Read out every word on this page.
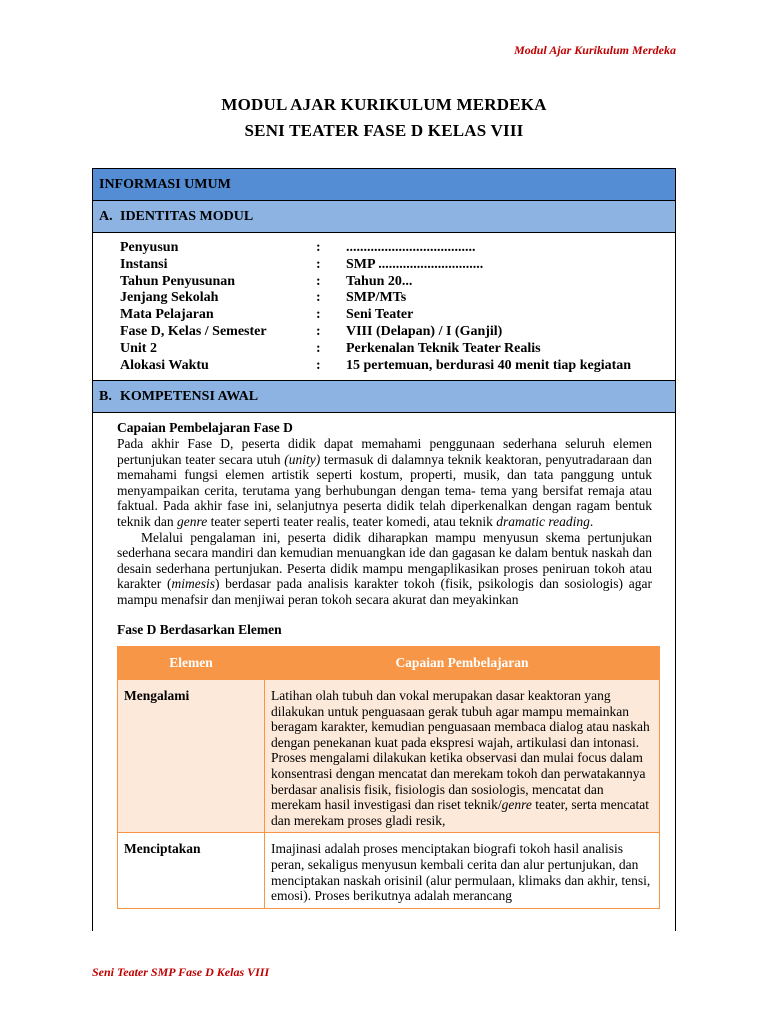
Modul Ajar Kurikulum Merdeka
MODUL AJAR KURIKULUM MERDEKA
SENI TEATER FASE D KELAS VIII
INFORMASI UMUM
A. IDENTITAS MODUL
Penyusun	:	.....................................
Instansi	:	SMP ..............................
Tahun Penyusunan	:	Tahun 20...
Jenjang Sekolah	:	SMP/MTs
Mata Pelajaran	:	Seni Teater
Fase D, Kelas / Semester	:	VIII (Delapan) / I (Ganjil)
Unit 2	:	Perkenalan Teknik Teater Realis
Alokasi Waktu	:	15 pertemuan, berdurasi 40 menit tiap kegiatan
B. KOMPETENSI AWAL
Capaian Pembelajaran Fase D
Pada akhir Fase D, peserta didik dapat memahami penggunaan sederhana seluruh elemen pertunjukan teater secara utuh (unity) termasuk di dalamnya teknik keaktoran, penyutradaraan dan memahami fungsi elemen artistik seperti kostum, properti, musik, dan tata panggung untuk menyampaikan cerita, terutama yang berhubungan dengan tema- tema yang bersifat remaja atau faktual. Pada akhir fase ini, selanjutnya peserta didik telah diperkenalkan dengan ragam bentuk teknik dan genre teater seperti teater realis, teater komedi, atau teknik dramatic reading.
Melalui pengalaman ini, peserta didik diharapkan mampu menyusun skema pertunjukan sederhana secara mandiri dan kemudian menuangkan ide dan gagasan ke dalam bentuk naskah dan desain sederhana pertunjukan. Peserta didik mampu mengaplikasikan proses peniruan tokoh atau karakter (mimesis) berdasar pada analisis karakter tokoh (fisik, psikologis dan sosiologis) agar mampu menafsir dan menjiwai peran tokoh secara akurat dan meyakinkan
Fase D Berdasarkan Elemen
Elemen	Capaian Pembelajaran
Mengalami	Latihan olah tubuh dan vokal merupakan dasar keaktoran yang dilakukan untuk penguasaan gerak tubuh agar mampu memainkan beragam karakter, kemudian penguasaan membaca dialog atau naskah dengan penekanan kuat pada ekspresi wajah, artikulasi dan intonasi. Proses mengalami dilakukan ketika observasi dan mulai focus dalam konsentrasi dengan mencatat dan merekam tokoh dan perwatakannya berdasar analisis fisik, fisiologis dan sosiologis, mencatat dan merekam hasil investigasi dan riset teknik/genre teater, serta mencatat dan merekam proses gladi resik,
Menciptakan	Imajinasi adalah proses menciptakan biografi tokoh hasil analisis peran, sekaligus menyusun kembali cerita dan alur pertunjukan, dan menciptakan naskah orisinil (alur permulaan, klimaks dan akhir, tensi, emosi). Proses berikutnya adalah merancang
Seni Teater SMP Fase D Kelas VIII
